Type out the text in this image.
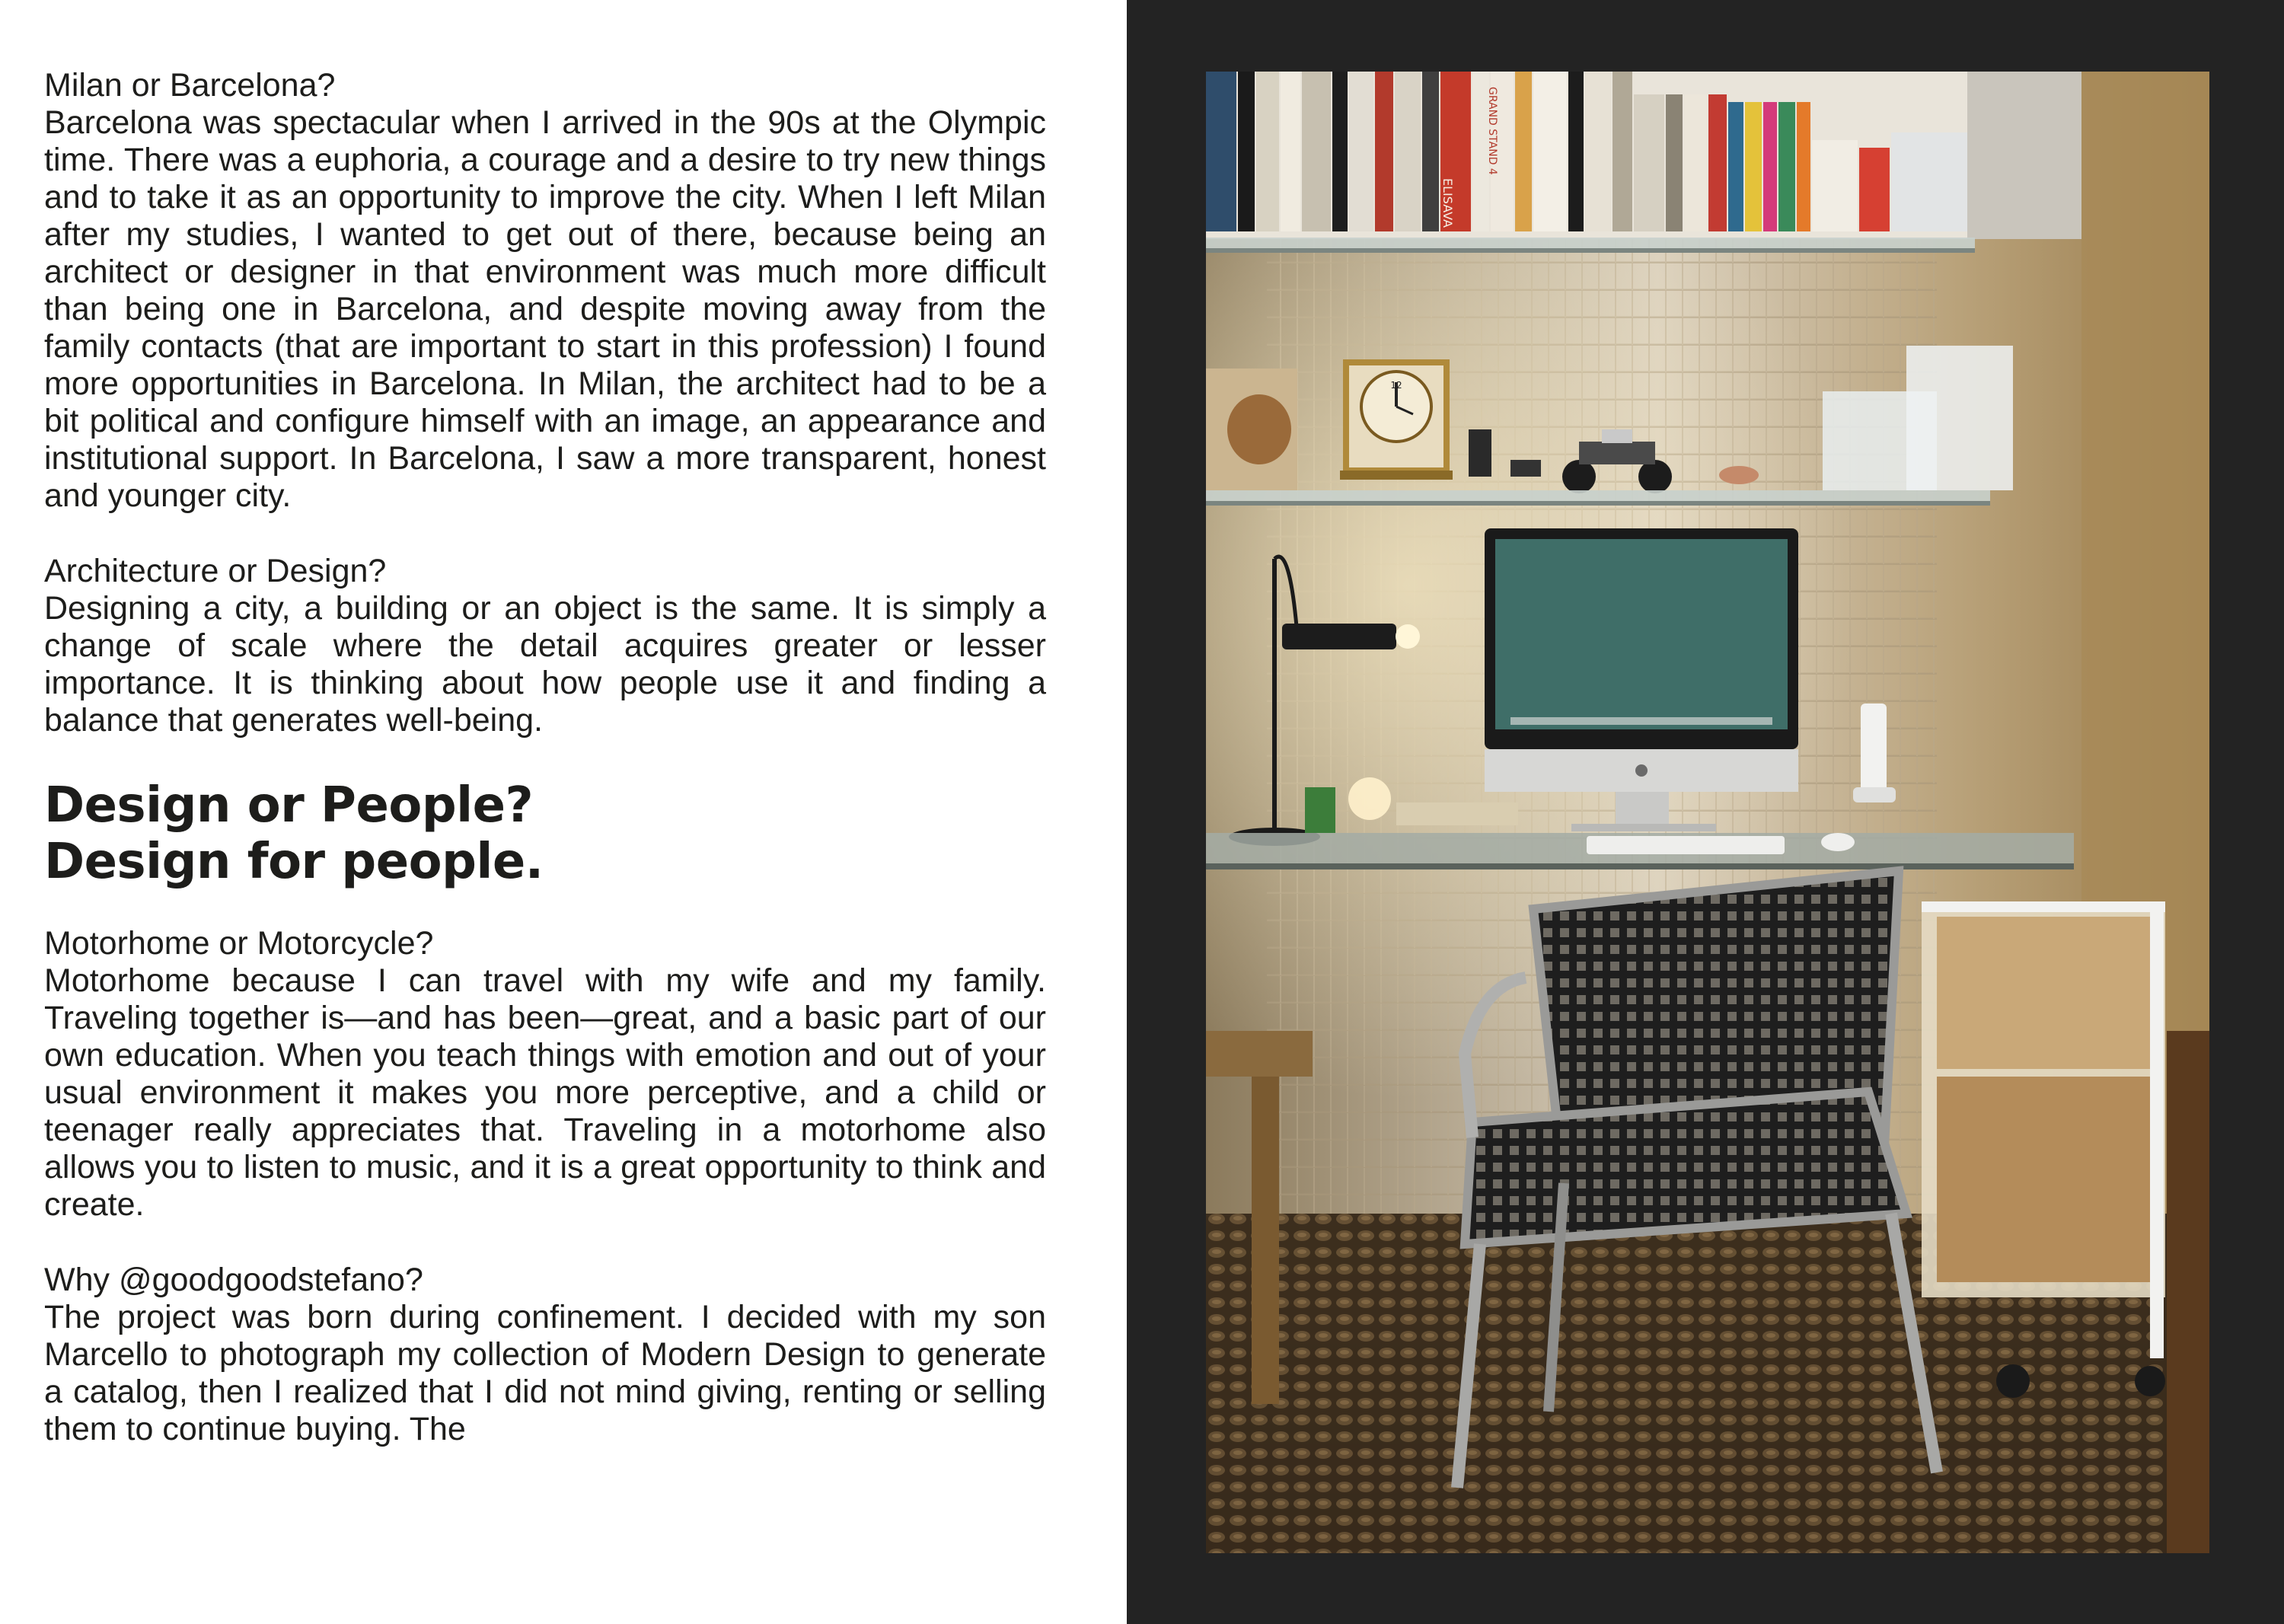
Milan or Barcelona?

Barcelona was spectacular when I arrived in the 90s at the Olympic time. There was a euphoria, a courage and a desire to try new things and to take it as an opportunity to improve the city. When I left Milan after my studies, I wanted to get out of there, because being an architect or designer in that environment was much more difficult than being one in Barcelona, and despite moving away from the family contacts (that are important to start in this profession) I found more opportunities in Barcelona. In Milan, the architect had to be a bit political and configure himself with an image, an appearance and institutional support. In Barcelona, I saw a more transparent, honest and younger city.

Architecture or Design?

Designing a city, a building or an object is the same. It is simply a change of scale where the detail acquires greater or lesser importance. It is thinking about how people use it and finding a balance that generates well-being.

Design or People?
Design for people.

Motorhome or Motorcycle?

Motorhome because I can travel with my wife and my family. Traveling together is—and has been—great, and a basic part of our own education. When you teach things with emotion and out of your usual environment it makes you more perceptive, and a child or teenager really appreciates that. Traveling in a motorhome also allows you to listen to music, and it is a great opportunity to think and create.

Why @goodgoodstefano?

The project was born during confinement. I decided with my son Marcello to photograph my collection of Modern Design to generate a catalog, then I realized that I did not mind giving, renting or selling them to continue buying. The

ELISAVA
GRAND STAND 4
12
